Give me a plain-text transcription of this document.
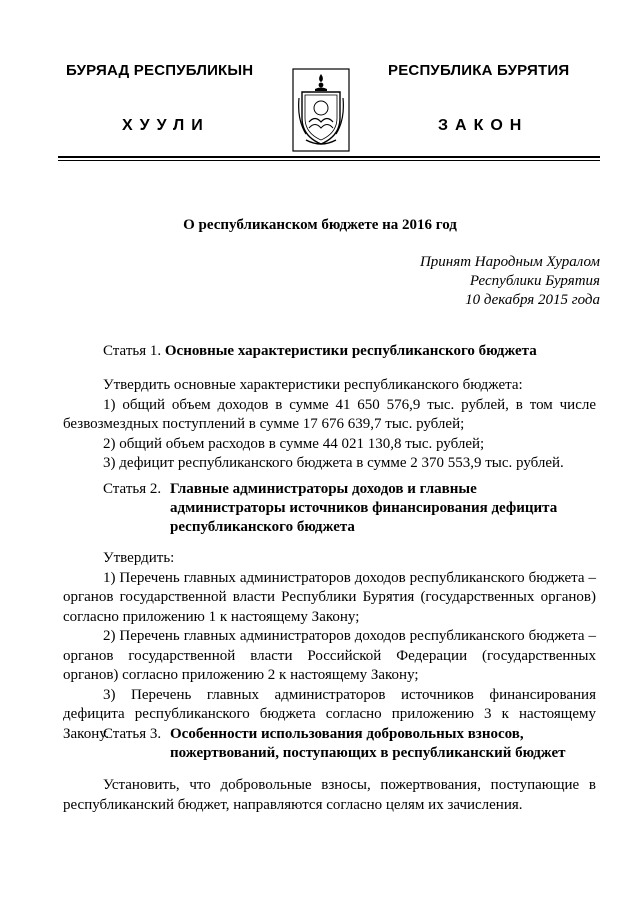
БУРЯАД РЕСПУБЛИКЫН
ХУУЛИ
РЕСПУБЛИКА БУРЯТИЯ
ЗАКОН
О республиканском бюджете на 2016 год
Принят Народным Хуралом
Республики Бурятия
10 декабря 2015 года
Статья 1. Основные характеристики республиканского бюджета
Утвердить основные характеристики республиканского бюджета:
1) общий объем доходов в сумме 41 650 576,9 тыс. рублей, в том числе безвозмездных поступлений в сумме 17 676 639,7 тыс. рублей;
2) общий объем расходов в сумме 44 021 130,8 тыс. рублей;
3) дефицит республиканского бюджета в сумме 2 370 553,9 тыс. рублей.
Статья 2. Главные администраторы доходов и главные
администраторы источников финансирования дефицита
республиканского бюджета
Утвердить:
1) Перечень главных администраторов доходов республиканского бюджета – органов государственной власти Республики Бурятия (государственных органов) согласно приложению 1 к настоящему Закону;
2) Перечень главных администраторов доходов республиканского бюджета – органов государственной власти Российской Федерации (государственных органов) согласно приложению 2 к настоящему Закону;
3) Перечень главных администраторов источников финансирования дефицита республиканского бюджета согласно приложению 3 к настоящему Закону.
Статья 3. Особенности использования добровольных взносов,
пожертвований, поступающих в республиканский бюджет
Установить, что добровольные взносы, пожертвования, поступающие в республиканский бюджет, направляются согласно целям их зачисления.
